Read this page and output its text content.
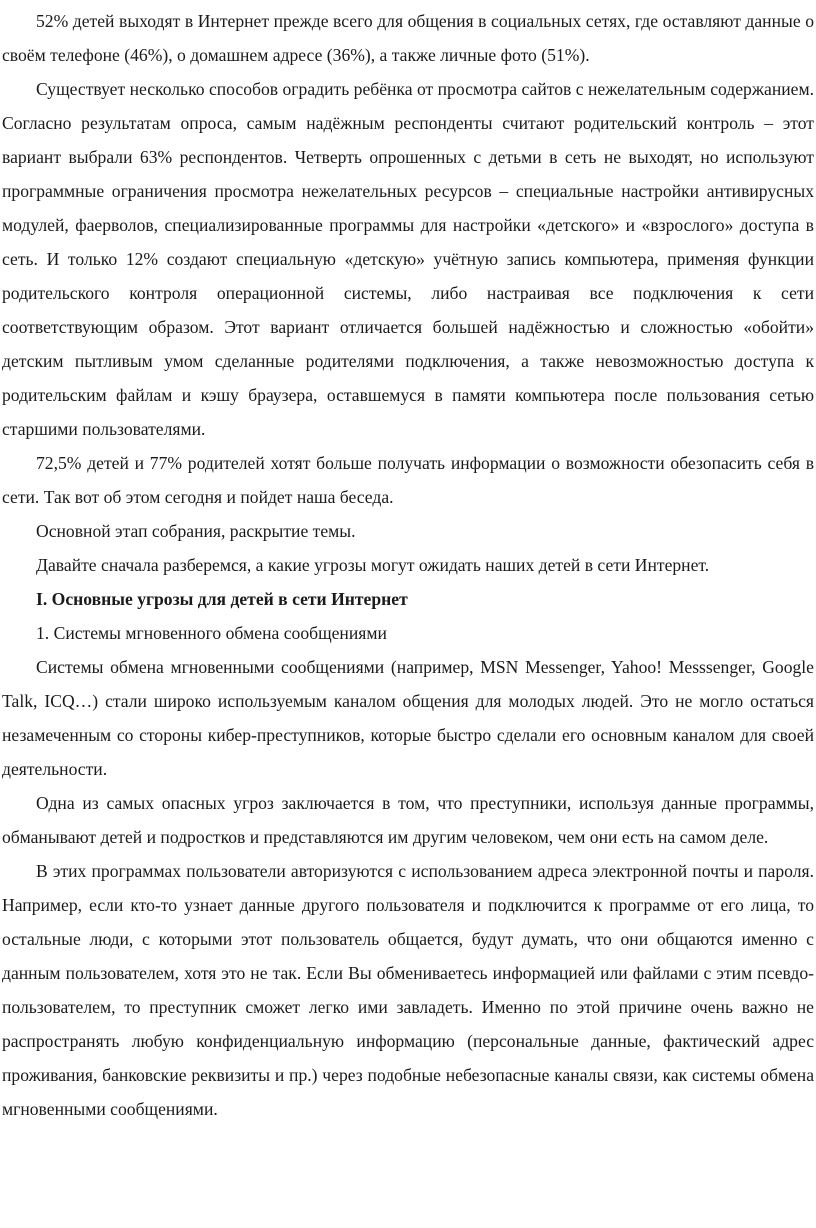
52% детей выходят в Интернет прежде всего для общения в социальных сетях, где оставляют данные о своём телефоне (46%), о домашнем адресе (36%), а также личные фото (51%).

Существует несколько способов оградить ребёнка от просмотра сайтов с нежелательным содержанием. Согласно результатам опроса, самым надёжным респонденты считают родительский контроль – этот вариант выбрали 63% респондентов. Четверть опрошенных с детьми в сеть не выходят, но используют программные ограничения просмотра нежелательных ресурсов – специальные настройки антивирусных модулей, фаерволов, специализированные программы для настройки «детского» и «взрослого» доступа в сеть. И только 12% создают специальную «детскую» учётную запись компьютера, применяя функции родительского контроля операционной системы, либо настраивая все подключения к сети соответствующим образом. Этот вариант отличается большей надёжностью и сложностью «обойти» детским пытливым умом сделанные родителями подключения, а также невозможностью доступа к родительским файлам и кэшу браузера, оставшемуся в памяти компьютера после пользования сетью старшими пользователями.

72,5% детей и 77% родителей хотят больше получать информации о возможности обезопасить себя в сети. Так вот об этом сегодня и пойдет наша беседа.

Основной этап собрания, раскрытие темы.

Давайте сначала разберемся, а какие угрозы могут ожидать наших детей в сети Интернет.

I. Основные угрозы для детей в сети Интернет

1. Системы мгновенного обмена сообщениями

Системы обмена мгновенными сообщениями (например, MSN Messenger, Yahoo! Messsenger, Google Talk, ICQ…) стали широко используемым каналом общения для молодых людей. Это не могло остаться незамеченным со стороны кибер-преступников, которые быстро сделали его основным каналом для своей деятельности.

Одна из самых опасных угроз заключается в том, что преступники, используя данные программы, обманывают детей и подростков и представляются им другим человеком, чем они есть на самом деле.

В этих программах пользователи авторизуются с использованием адреса электронной почты и пароля. Например, если кто-то узнает данные другого пользователя и подключится к программе от его лица, то остальные люди, с которыми этот пользователь общается, будут думать, что они общаются именно с данным пользователем, хотя это не так. Если Вы обмениваетесь информацией или файлами с этим псевдо-пользователем, то преступник сможет легко ими завладеть. Именно по этой причине очень важно не распространять любую конфиденциальную информацию (персональные данные, фактический адрес проживания, банковские реквизиты и пр.) через подобные небезопасные каналы связи, как системы обмена мгновенными сообщениями.
